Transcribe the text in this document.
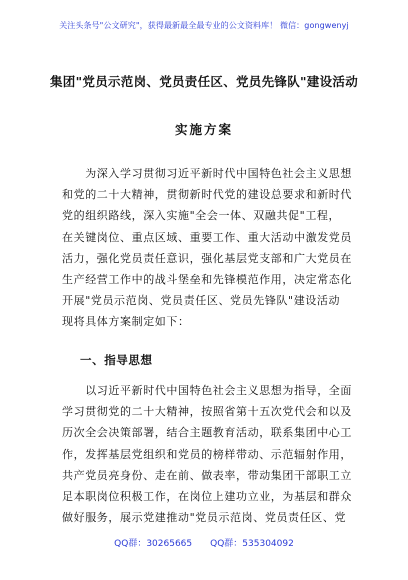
关注头条号"公文研究"，获得最新最全最专业的公文资料库！ 微信：gongwenyj
集团"党员示范岗、党员责任区、党员先锋队"建设活动
实施方案
　　为深入学习贯彻习近平新时代中国特色社会主义思想
和党的二十大精神，贯彻新时代党的建设总要求和新时代
党的组织路线，深入实施"全会一体、双融共促"工程，
在关键岗位、重点区域、重要工作、重大活动中激发党员
活力，强化党员责任意识，强化基层党支部和广大党员在
生产经营工作中的战斗堡垒和先锋模范作用，决定常态化
开展"党员示范岗、党员责任区、党员先锋队"建设活动
现将具体方案制定如下：
一、指导思想
　　以习近平新时代中国特色社会主义思想为指导，全面
学习贯彻党的二十大精神，按照省第十五次党代会和以及
历次全会决策部署，结合主题教育活动，联系集团中心工
作，发挥基层党组织和党员的榜样带动、示范辐射作用，
共产党员亮身份、走在前、做表率，带动集团干部职工立
足本职岗位积极工作，在岗位上建功立业，为基层和群众
做好服务，展示党建推动"党员示范岗、党员责任区、党
QQ群：30265665　　QQ群：535304092
